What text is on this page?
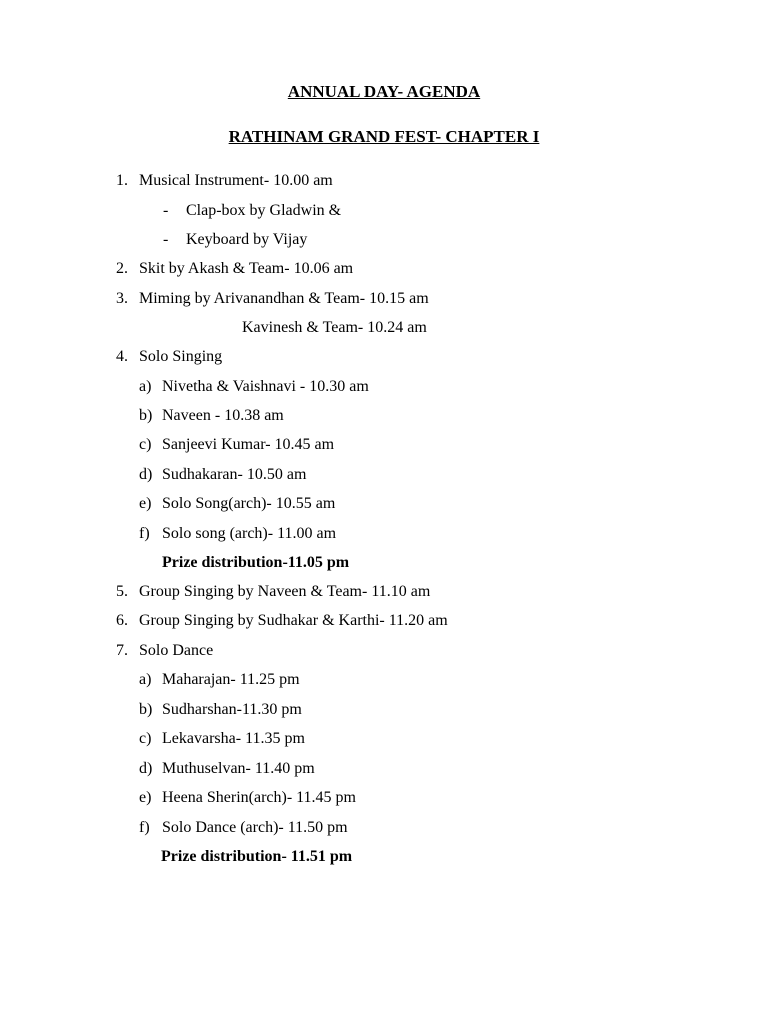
ANNUAL DAY- AGENDA
RATHINAM GRAND FEST- CHAPTER I
1. Musical Instrument- 10.00 am
- Clap-box by Gladwin &
- Keyboard by Vijay
2. Skit by Akash & Team- 10.06 am
3. Miming by Arivanandhan & Team- 10.15 am
Kavinesh & Team- 10.24 am
4. Solo Singing
a) Nivetha & Vaishnavi - 10.30 am
b) Naveen - 10.38 am
c) Sanjeevi Kumar- 10.45 am
d) Sudhakaran- 10.50 am
e) Solo Song(arch)- 10.55 am
f) Solo song (arch)- 11.00 am
Prize distribution-11.05 pm
5. Group Singing by Naveen & Team- 11.10 am
6. Group Singing by Sudhakar & Karthi- 11.20 am
7. Solo Dance
a) Maharajan- 11.25 pm
b) Sudharshan-11.30 pm
c) Lekavarsha- 11.35 pm
d) Muthuselvan- 11.40 pm
e) Heena Sherin(arch)- 11.45 pm
f) Solo Dance (arch)- 11.50 pm
Prize distribution- 11.51 pm
